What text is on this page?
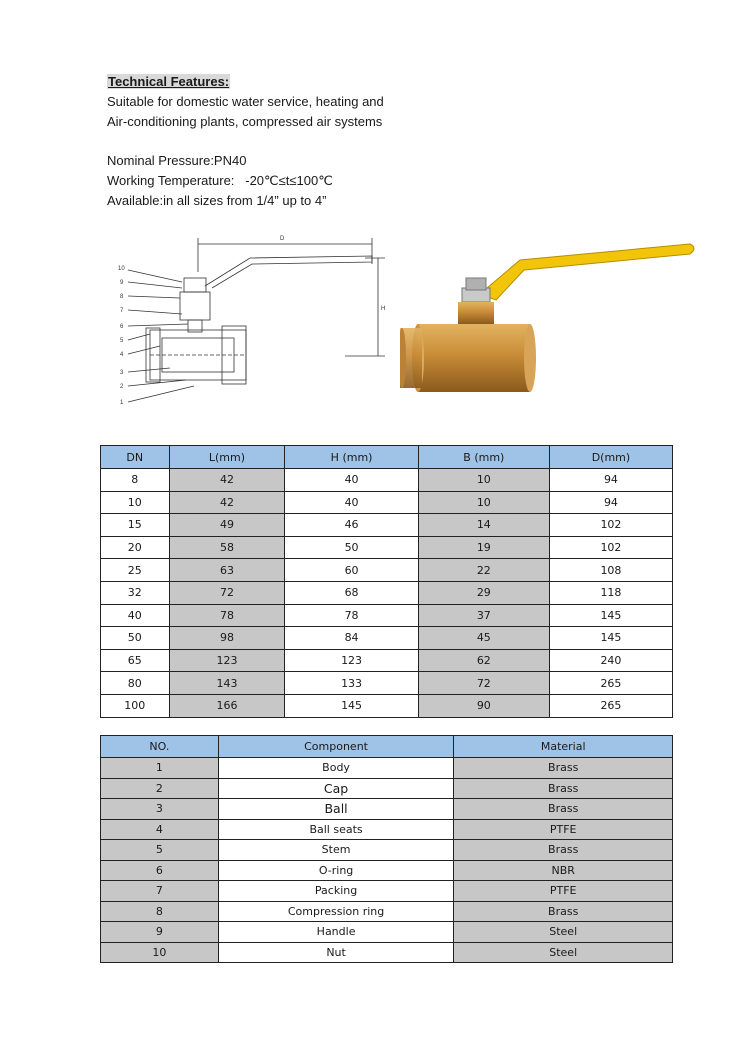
Technical Features:

Suitable for domestic water service, heating and

Air-conditioning plants, compressed air systems

Nominal Pressure:PN40

Working Temperature:   -20℃≤t≤100℃

Available:in all sizes from 1/4” up to 4”

D
H
10
9
8
7
6
5
4
3
2
1
DN	L(mm)	H (mm)	B (mm)	D(mm)
8	42	40	10	94
10	42	40	10	94
15	49	46	14	102
20	58	50	19	102
25	63	60	22	108
32	72	68	29	118
40	78	78	37	145
50	98	84	45	145
65	123	123	62	240
80	143	133	72	265
100	166	145	90	265
NO.	Component	Material
1	Body	Brass
2	Cap	Brass
3	Ball	Brass
4	Ball seats	PTFE
5	Stem	Brass
6	O-ring	NBR
7	Packing	PTFE
8	Compression ring	Brass
9	Handle	Steel
10	Nut	Steel
